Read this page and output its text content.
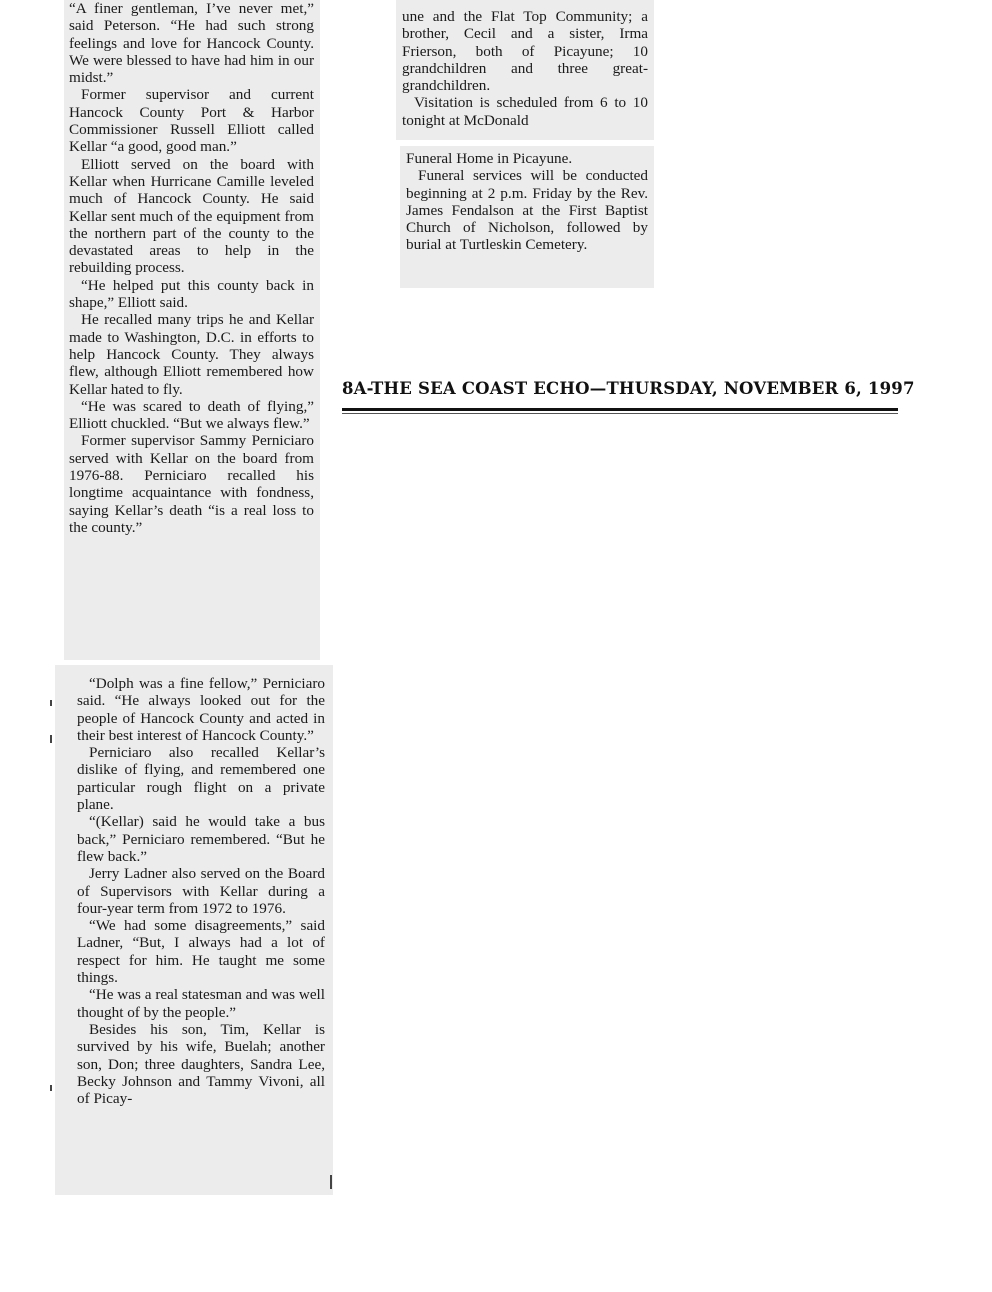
“A finer gentleman, I’ve never met,” said Peterson. “He had such strong feelings and love for Hancock County. We were blessed to have had him in our midst.”

Former supervisor and current Hancock County Port & Harbor Commissioner Russell Elliott called Kellar “a good, good man.”

Elliott served on the board with Kellar when Hurricane Camille leveled much of Hancock County. He said Kellar sent much of the equipment from the northern part of the county to the devastated areas to help in the rebuilding process.

“He helped put this county back in shape,” Elliott said.

He recalled many trips he and Kellar made to Washington, D.C. in efforts to help Hancock County. They always flew, although Elliott remembered how Kellar hated to fly.

“He was scared to death of flying,” Elliott chuckled. “But we always flew.”

Former supervisor Sammy Perniciaro served with Kellar on the board from 1976-88. Perniciaro recalled his longtime acquaintance with fondness, saying Kellar’s death “is a real loss to the county.”

“Dolph was a fine fellow,” Perniciaro said. “He always looked out for the people of Hancock County and acted in their best interest of Hancock County.”

Perniciaro also recalled Kellar’s dislike of flying, and remembered one particular rough flight on a private plane.

“(Kellar) said he would take a bus back,” Perniciaro remembered. “But he flew back.”

Jerry Ladner also served on the Board of Supervisors with Kellar during a four-year term from 1972 to 1976.

“We had some disagreements,” said Ladner, “But, I always had a lot of respect for him. He taught me some things.

“He was a real statesman and was well thought of by the people.”

Besides his son, Tim, Kellar is survived by his wife, Buelah; another son, Don; three daughters, Sandra Lee, Becky Johnson and Tammy Vivoni, all of Picay-

une and the Flat Top Community; a brother, Cecil and a sister, Irma Frierson, both of Picayune; 10 grandchildren and three great-grandchildren.

Visitation is scheduled from 6 to 10 tonight at McDonald

Funeral Home in Picayune.

Funeral services will be conducted beginning at 2 p.m. Friday by the Rev. James Fendalson at the First Baptist Church of Nicholson, followed by burial at Turtleskin Cemetery.

8A-THE SEA COAST ECHO—THURSDAY, NOVEMBER 6, 1997
